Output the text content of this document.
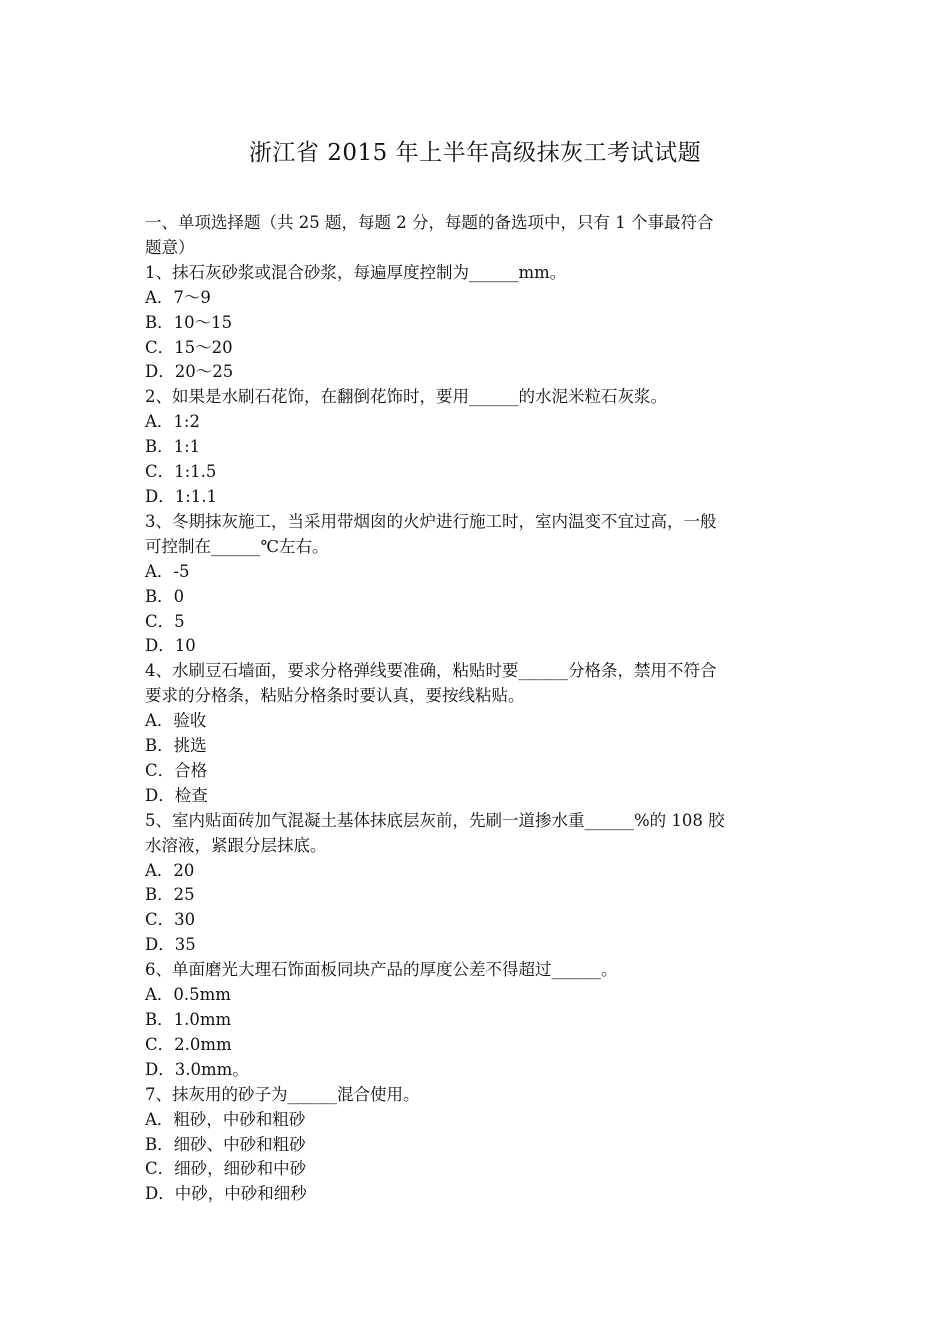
浙江省 2015 年上半年高级抹灰工考试试题
一、单项选择题（共 25 题，每题 2 分，每题的备选项中，只有 1 个事最符合
题意）
1、抹石灰砂浆或混合砂浆，每遍厚度控制为______mm。
A．7～9
B．10～15
C．15～20
D．20～25
2、如果是水刷石花饰，在翻倒花饰时，要用______的水泥米粒石灰浆。
A．1:2
B．1:1
C．1:1.5
D．1:1.1
3、冬期抹灰施工，当采用带烟囱的火炉进行施工时，室内温变不宜过高，一般
可控制在______℃左右。
A．-5
B．0
C．5
D．10
4、水刷豆石墙面，要求分格弹线要准确，粘贴时要______分格条，禁用不符合
要求的分格条，粘贴分格条时要认真，要按线粘贴。
A．验收
B．挑选
C．合格
D．检查
5、室内贴面砖加气混凝土基体抹底层灰前，先刷一道掺水重______%的 108 胶
水溶液，紧跟分层抹底。
A．20
B．25
C．30
D．35
6、单面磨光大理石饰面板同块产品的厚度公差不得超过______。
A．0.5mm
B．1.0mm
C．2.0mm
D．3.0mm。
7、抹灰用的砂子为______混合使用。
A．粗砂，中砂和粗砂
B．细砂、中砂和粗砂
C．细砂，细砂和中砂
D．中砂，中砂和细秒
